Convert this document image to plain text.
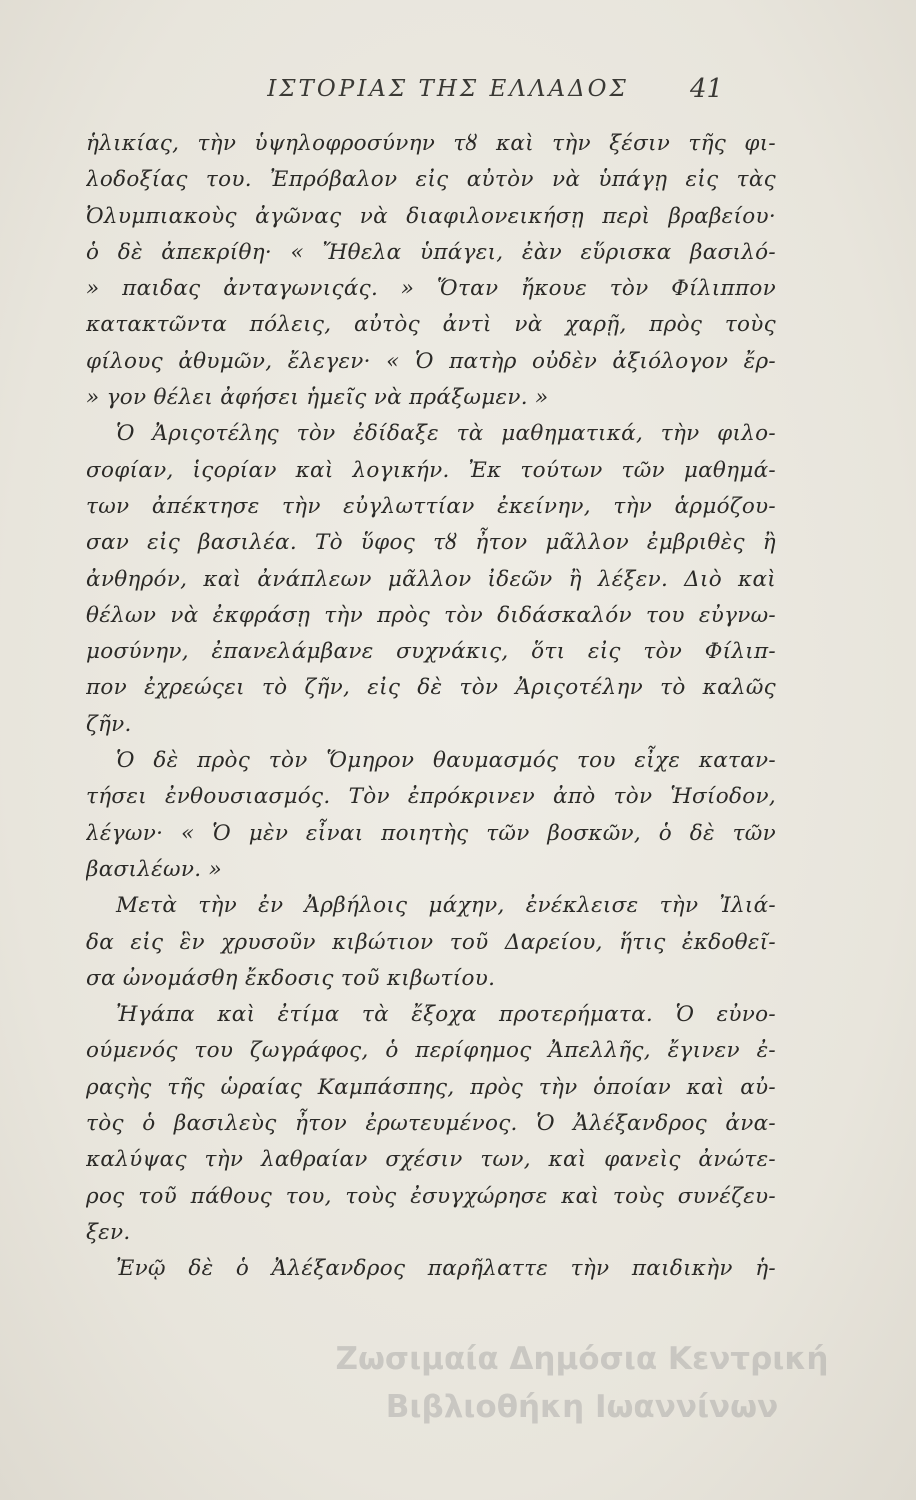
ΙΣΤΟΡΙΑΣ ΤΗΣ ΕΛΛΑΔΟΣ	41
ἡλικίας, τὴν ὑψηλοφροσύνην τȣ καὶ τὴν ξέσιν τῆς φι-
λοδοξίας του. Ἐπρόβαλον εἰς αὐτὸν νὰ ὑπάγῃ εἰς τὰς
Ὀλυμπιακοὺς ἀγῶνας νὰ διαφιλονεικήσῃ περὶ βραβείου·
ὁ δὲ ἀπεκρίθη· « Ἤθελα ὑπάγει, ἐὰν εὕρισκα βασιλό-
» παιδας ἀνταγωνιςάς. » Ὅταν ἤκουε τὸν Φίλιππον
κατακτῶντα πόλεις, αὐτὸς ἀντὶ νὰ χαρῇ, πρὸς τοὺς
φίλους ἀθυμῶν, ἔλεγεν· « Ὁ πατὴρ οὐδὲν ἀξιόλογον ἔρ-
» γον θέλει ἀφήσει ἡμεῖς νὰ πράξωμεν. »
Ὁ Ἀριςοτέλης τὸν ἐδίδαξε τὰ μαθηματικά, τὴν φιλο-
σοφίαν, ἱςορίαν καὶ λογικήν. Ἐκ τούτων τῶν μαθημά-
των ἀπέκτησε τὴν εὐγλωττίαν ἐκείνην, τὴν ἁρμόζου-
σαν εἰς βασιλέα. Τὸ ὕφος τȣ ἦτον μᾶλλον ἐμβριθὲς ἢ
ἀνθηρόν, καὶ ἀνάπλεων μᾶλλον ἰδεῶν ἢ λέξεν. Διὸ καὶ
θέλων νὰ ἐκφράσῃ τὴν πρὸς τὸν διδάσκαλόν του εὐγνω-
μοσύνην, ἐπανελάμβανε συχνάκις, ὅτι εἰς τὸν Φίλιπ-
πον ἐχρεώςει τὸ ζῆν, εἰς δὲ τὸν Ἀριςοτέλην τὸ καλῶς
ζῆν.
Ὁ δὲ πρὸς τὸν Ὅμηρον θαυμασμός του εἶχε καταν-
τήσει ἐνθουσιασμός. Τὸν ἐπρόκρινεν ἀπὸ τὸν Ἡσίοδον,
λέγων· « Ὁ μὲν εἶναι ποιητὴς τῶν βοσκῶν, ὁ δὲ τῶν
βασιλέων. »
Μετὰ τὴν ἐν Ἀρβήλοις μάχην, ἐνέκλεισε τὴν Ἰλιά-
δα εἰς ἓν χρυσοῦν κιβώτιον τοῦ Δαρείου, ἥτις ἐκδοθεῖ-
σα ὠνομάσθη ἔκδοσις τοῦ κιβωτίου.
Ἠγάπα καὶ ἐτίμα τὰ ἔξοχα προτερήματα. Ὁ εὐνο-
ούμενός του ζωγράφος, ὁ περίφημος Ἀπελλῆς, ἔγινεν ἐ-
ραςὴς τῆς ὡραίας Καμπάσπης, πρὸς τὴν ὁποίαν καὶ αὐ-
τὸς ὁ βασιλεὺς ἦτον ἐρωτευμένος. Ὁ Ἀλέξανδρος ἀνα-
καλύψας τὴν λαθραίαν σχέσιν των, καὶ φανεὶς ἀνώτε-
ρος τοῦ πάθους του, τοὺς ἐσυγχώρησε καὶ τοὺς συνέζευ-
ξεν.
Ἐνῷ δὲ ὁ Ἀλέξανδρος παρῆλαττε τὴν παιδικὴν ἡ-
Ζωσιμαία Δημόσια Κεντρική
Βιβλιοθήκη Ιωαννίνων
